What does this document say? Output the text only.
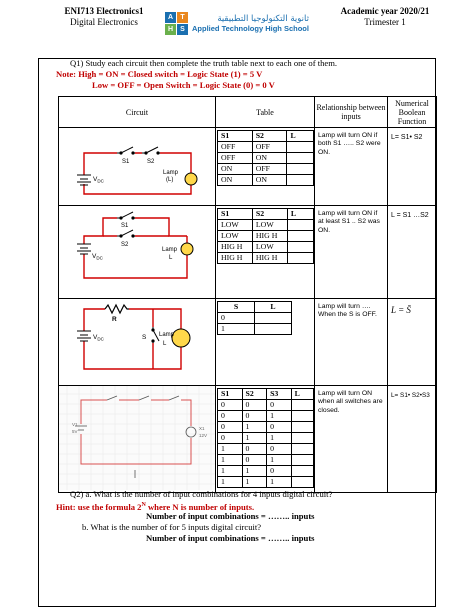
ENI713 Electronics1
Digital Electronics	A	T
H	S
ثانوية التكنولوجيا التطبيقية
Applied Technology High School
Academic year 2020/21
Trimester 1
Q1) Study each circuit then complete the truth table next to each one of them.
Note: High = ON = Closed switch = Logic State (1) = 5 V
Low = OFF = Open Switch = Logic State (0) = 0 V
Circuit	Table	Relationship between inputs	Numerical Boolean Function

S1	S2
$V_{DC}$
Lamp
(L)

S1	S2	L
OFF	OFF	
OFF	ON	
ON	OFF	
ON	ON	
	Lamp will turn ON if both S1 ….. S2 were ON.	L= S1• S2

S1
S2
$V_{DC}$
Lamp
L

S1	S2	L
LOW	LOW	
LOW	HIG H	
HIG H	LOW	
HIG H	HIG H	
	Lamp will turn ON if at least S1 .. S2 was ON.	L = S1 …S2

R
S
$V_{DC}$
Lamp
L

S	L
0	
1	
	Lamp will turn …. When the S is OFF.	L = S̄

V1
5V
X1
12V

S1	S2	S3	L
0	0	0	
0	0	1	
0	1	0	
0	1	1	
1	0	0	
1	0	1	
1	1	0	
1	1	1	
	Lamp will turn ON when all switches are closed.	L= S1• S2•S3
Q2) a. What is the number of input combinations for 4 inputs digital circuit?
Hint: use the formula $2^N$ where N is number of inputs.
Number of input combinations = …….. inputs
b. What is the number of for 5 inputs digital circuit?
Number of input combinations = …….. inputs
